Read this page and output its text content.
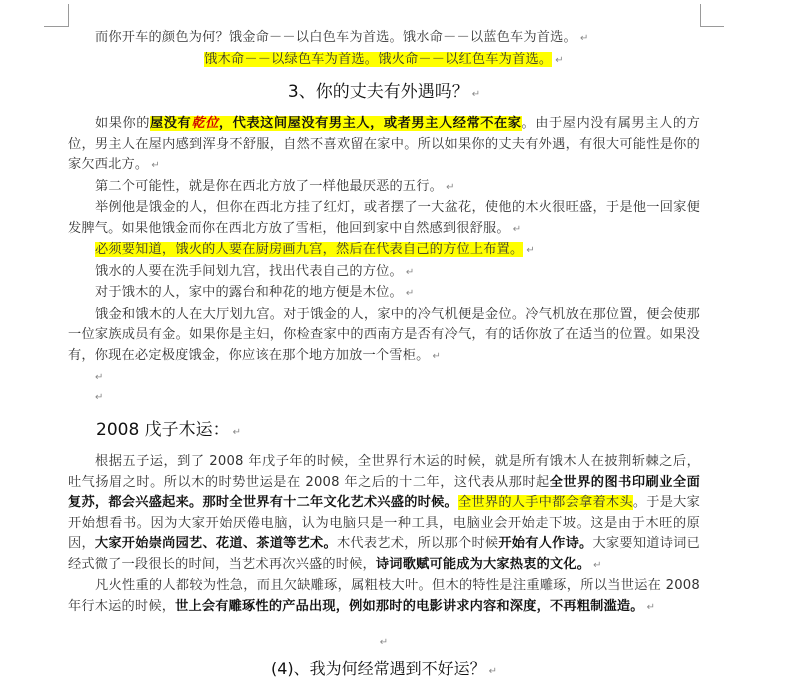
而你开车的颜色为何？饿金命－－以白色车为首选。饿水命－－以蓝色车为首选。 ↵

饿木命－－以绿色车为首选。饿火命－－以红色车为首选。 ↵

3、你的丈夫有外遇吗？ ↵

如果你的屋没有乾位，代表这间屋没有男主人，或者男主人经常不在家。由于屋内没有属男主人的方位，男主人在屋内感到浑身不舒服，自然不喜欢留在家中。所以如果你的丈夫有外遇，有很大可能性是你的家欠西北方。 ↵

第二个可能性，就是你在西北方放了一样他最厌恶的五行。 ↵

举例他是饿金的人，但你在西北方挂了红灯，或者摆了一大盆花，使他的木火很旺盛，于是他一回家便发脾气。如果他饿金而你在西北方放了雪柜，他回到家中自然感到很舒服。 ↵

必须要知道，饿火的人要在厨房画九宫，然后在代表自己的方位上布置。 ↵

饿水的人要在洗手间划九宫，找出代表自己的方位。 ↵

对于饿木的人，家中的露台和种花的地方便是木位。 ↵

饿金和饿木的人在大厅划九宫。对于饿金的人，家中的冷气机便是金位。冷气机放在那位置，便会使那一位家族成员有金。如果你是主妇，你检查家中的西南方是否有冷气，有的话你放了在适当的位置。如果没有，你现在必定极度饿金，你应该在那个地方加放一个雪柜。 ↵

↵
↵
2008 戊子木运： ↵

根据五子运，到了 2008 年戊子年的时候，全世界行木运的时候，就是所有饿木人在披荆斩棘之后，吐气扬眉之时。所以木的时势世运是在 2008 年之后的十二年，这代表从那时起全世界的图书印刷业全面复苏，都会兴盛起来。那时全世界有十二年文化艺术兴盛的时候。全世界的人手中都会拿着木头。于是大家开始想看书。因为大家开始厌倦电脑，认为电脑只是一种工具，电脑业会开始走下坡。这是由于木旺的原因，大家开始崇尚园艺、花道、茶道等艺术。木代表艺术，所以那个时候开始有人作诗。大家要知道诗词已经式微了一段很长的时间，当艺术再次兴盛的时候，诗词歌赋可能成为大家热衷的文化。 ↵

凡火性重的人都较为性急，而且欠缺雕琢，属粗枝大叶。但木的特性是注重雕琢，所以当世运在 2008 年行木运的时候，世上会有雕琢性的产品出现，例如那时的电影讲求内容和深度，不再粗制滥造。 ↵

↵
(4)、我为何经常遇到不好运？ ↵
